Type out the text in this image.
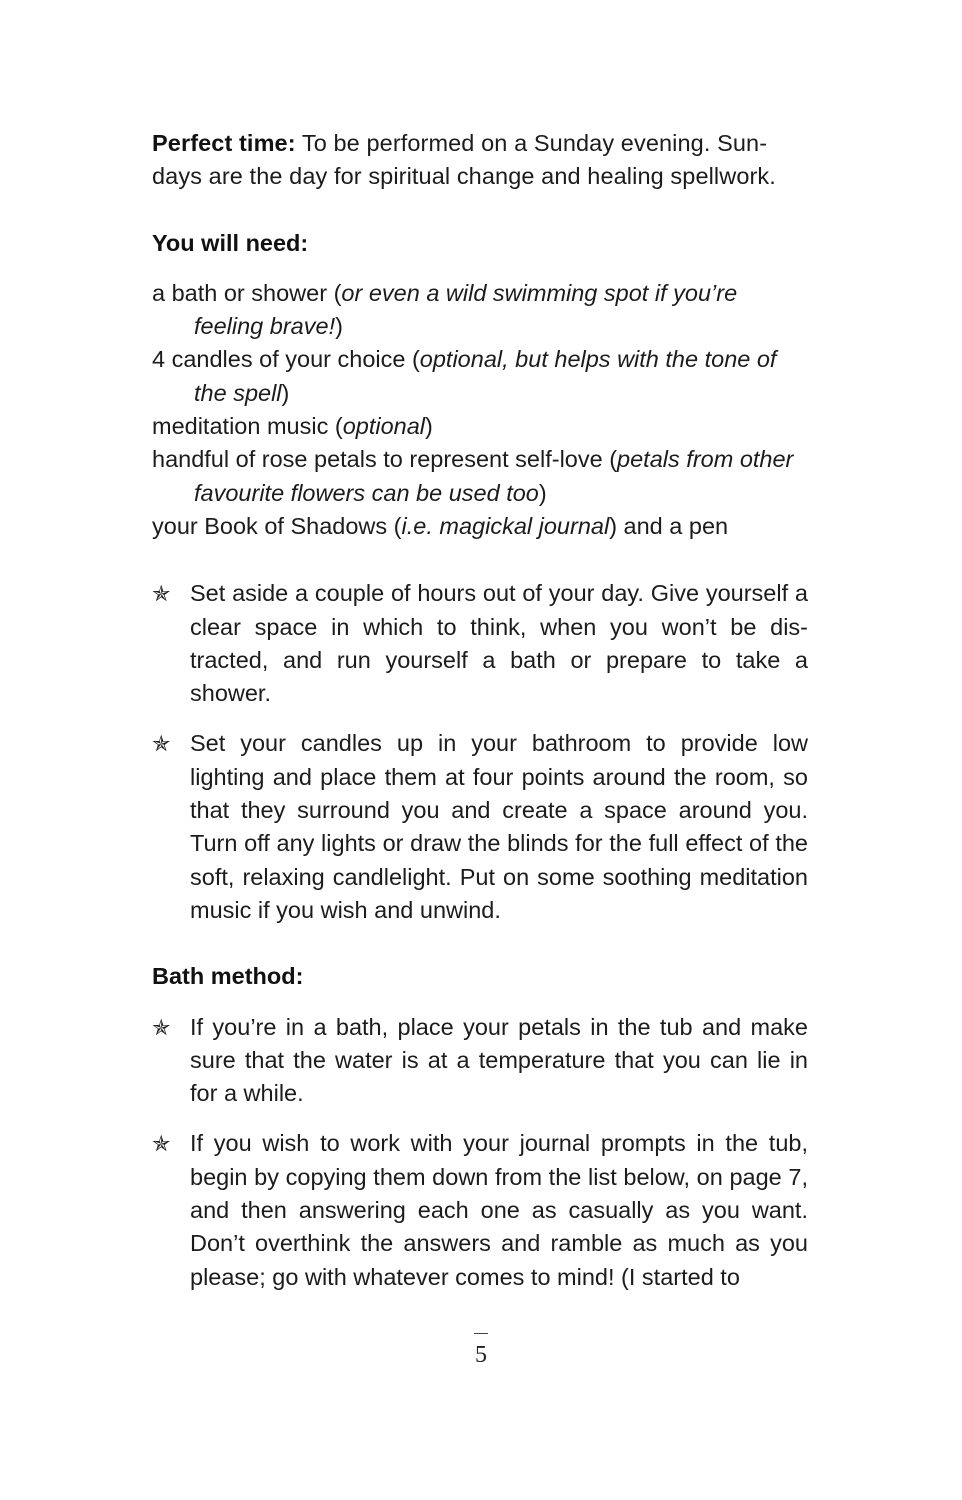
Perfect time: To be performed on a Sunday evening. Sun-
days are the day for spiritual change and healing spellwork.

You will need:

a bath or shower (or even a wild swimming spot if you’re feeling brave!)
4 candles of your choice (optional, but helps with the tone of the spell)
meditation music (optional)
handful of rose petals to represent self-love (petals from other favourite flowers can be used too)
your Book of Shadows (i.e. magickal journal) and a pen
✯ Set aside a couple of hours out of your day. Give yourself a clear space in which to think, when you won’t be dis-tracted, and run yourself a bath or prepare to take a shower.
✯ Set your candles up in your bathroom to provide low lighting and place them at four points around the room, so that they surround you and create a space around you. Turn off any lights or draw the blinds for the full effect of the soft, relaxing candlelight. Put on some soothing meditation music if you wish and unwind.

Bath method:

✯ If you’re in a bath, place your petals in the tub and make sure that the water is at a temperature that you can lie in for a while.
✯ If you wish to work with your journal prompts in the tub, begin by copying them down from the list below, on page 7, and then answering each one as casually as you want. Don’t overthink the answers and ramble as much as you please; go with whatever comes to mind! (I started to
5
